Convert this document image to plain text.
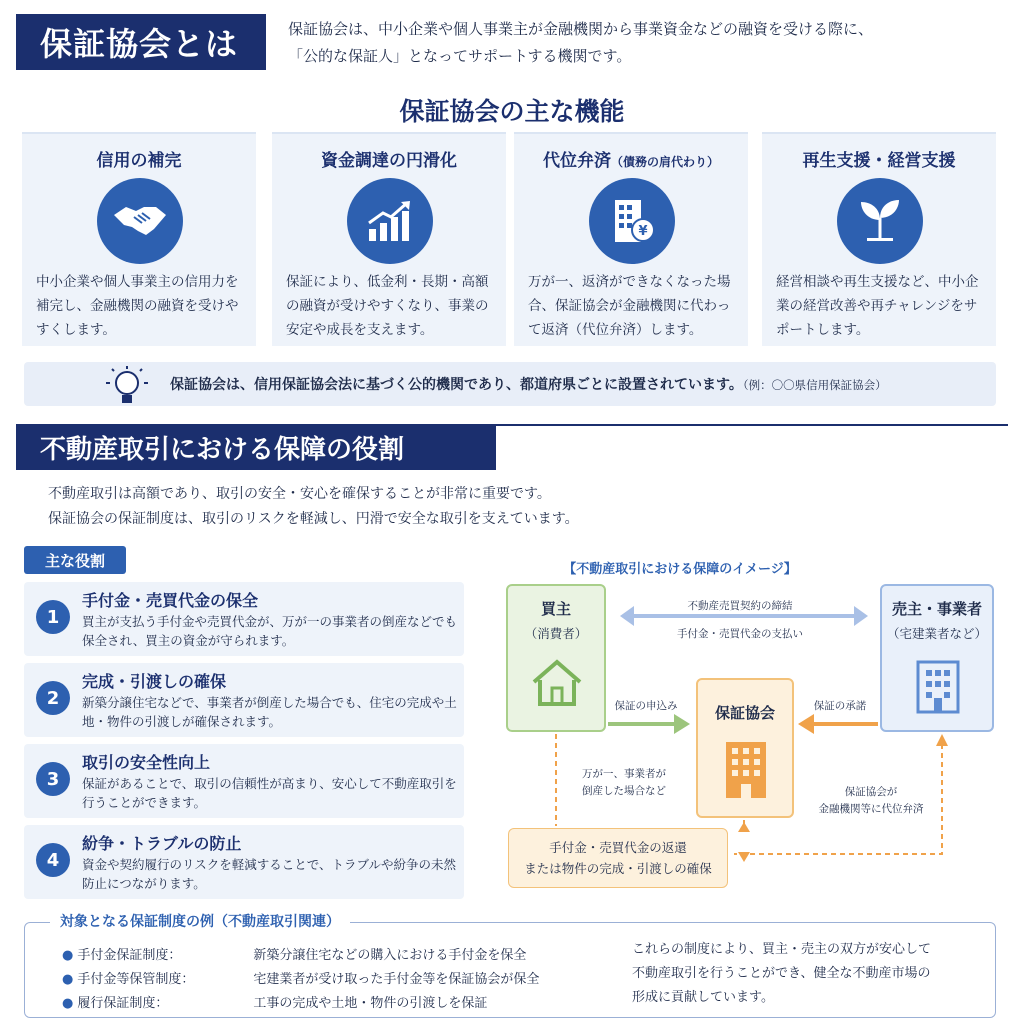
保証協会とは	保証協会は、中小企業や個人事業主が金融機関から事業資金などの融資を受ける際に、
「公的な保証人」となってサポートする機関です。
保証協会の主な機能
信用の補完
中小企業や個人事業主の信用力を補完し、金融機関の融資を受けやすくします。
資金調達の円滑化
保証により、低金利・長期・高額の融資が受けやすくなり、事業の安定や成長を支えます。
代位弁済（債務の肩代わり）
¥
万が一、返済ができなくなった場合、保証協会が金融機関に代わって返済（代位弁済）します。
再生支援・経営支援
経営相談や再生支援など、中小企業の経営改善や再チャレンジをサポートします。
保証協会は、信用保証協会法に基づく公的機関であり、都道府県ごとに設置されています。（例：〇〇県信用保証協会）
不動産取引における保障の役割
不動産取引は高額であり、取引の安全・安心を確保することが非常に重要です。
保証協会の保証制度は、取引のリスクを軽減し、円滑で安全な取引を支えています。
主な役割
1
手付金・売買代金の保全
買主が支払う手付金や売買代金が、万が一の事業者の倒産などでも保全され、買主の資金が守られます。
2
完成・引渡しの確保
新築分譲住宅などで、事業者が倒産した場合でも、住宅の完成や土地・物件の引渡しが確保されます。
3
取引の安全性向上
保証があることで、取引の信頼性が高まり、安心して不動産取引を行うことができます。
4
紛争・トラブルの防止
資金や契約履行のリスクを軽減することで、トラブルや紛争の未然防止につながります。
【不動産取引における保障のイメージ】
買主
（消費者）
売主・事業者
（宅建業者など）
保証協会
不動産売買契約の締結
手付金・売買代金の支払い
保証の申込み	保証の承諾
万が一、事業者が
倒産した場合など	保証協会が
金融機関等に代位弁済
手付金・売買代金の返還
または物件の完成・引渡しの確保
対象となる保証制度の例（不動産取引関連）
● 手付金保証制度：	新築分譲住宅などの購入における手付金を保全
● 手付金等保管制度：	宅建業者が受け取った手付金等を保証協会が保全
● 履行保証制度：	工事の完成や土地・物件の引渡しを保証
これらの制度により、買主・売主の双方が安心して
不動産取引を行うことができ、健全な不動産市場の
形成に貢献しています。
